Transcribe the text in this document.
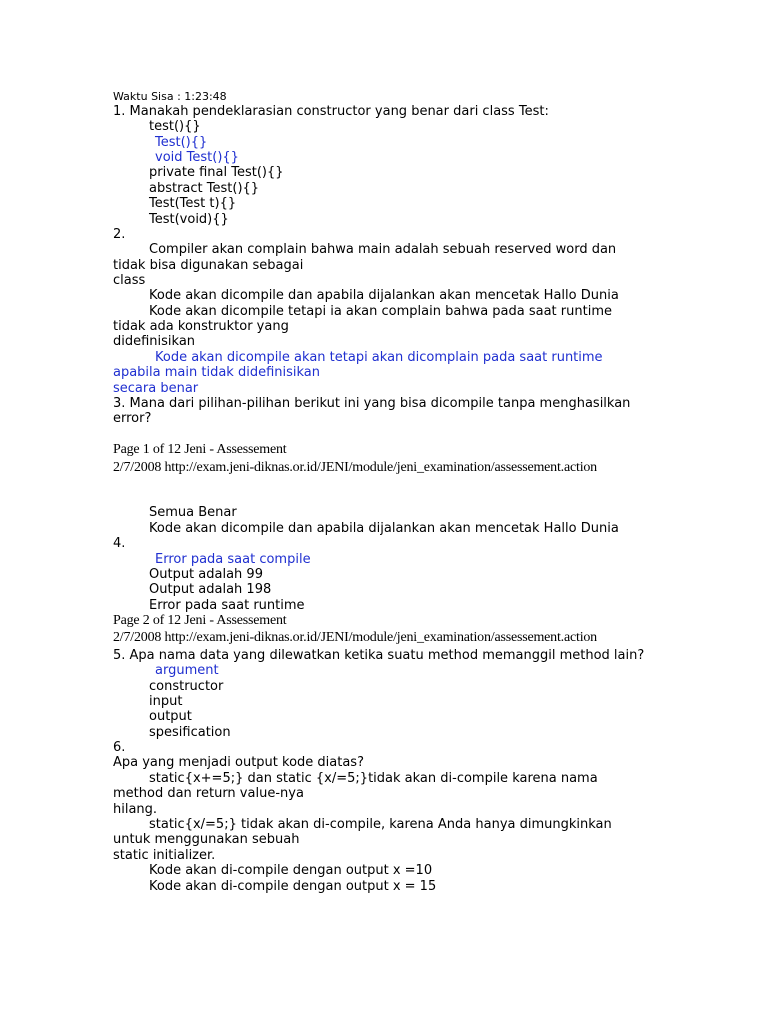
Waktu Sisa : 1:23:48
1. Manakah pendeklarasian constructor yang benar dari class Test:
test(){}
Test(){}
void Test(){}
private final Test(){}
abstract Test(){}
Test(Test t){}
Test(void){}
2.
Compiler akan complain bahwa main adalah sebuah reserved word dan
tidak bisa digunakan sebagai
class
Kode akan dicompile dan apabila dijalankan akan mencetak Hallo Dunia
Kode akan dicompile tetapi ia akan complain bahwa pada saat runtime
tidak ada konstruktor yang
didefinisikan
Kode akan dicompile akan tetapi akan dicomplain pada saat runtime
apabila main tidak didefinisikan
secara benar
3. Mana dari pilihan-pilihan berikut ini yang bisa dicompile tanpa menghasilkan
error?
Page 1 of 12 Jeni - Assessement
2/7/2008 http://exam.jeni-diknas.or.id/JENI/module/jeni_examination/assessement.action
Semua Benar
Kode akan dicompile dan apabila dijalankan akan mencetak Hallo Dunia
4.
Error pada saat compile
Output adalah 99
Output adalah 198
Error pada saat runtime
Page 2 of 12 Jeni - Assessement
2/7/2008 http://exam.jeni-diknas.or.id/JENI/module/jeni_examination/assessement.action
5. Apa nama data yang dilewatkan ketika suatu method memanggil method lain?
argument
constructor
input
output
spesification
6.
Apa yang menjadi output kode diatas?
static{x+=5;} dan static {x/=5;}tidak akan di-compile karena nama
method dan return value-nya
hilang.
static{x/=5;} tidak akan di-compile, karena Anda hanya dimungkinkan
untuk menggunakan sebuah
static initializer.
Kode akan di-compile dengan output x =10
Kode akan di-compile dengan output x = 15
